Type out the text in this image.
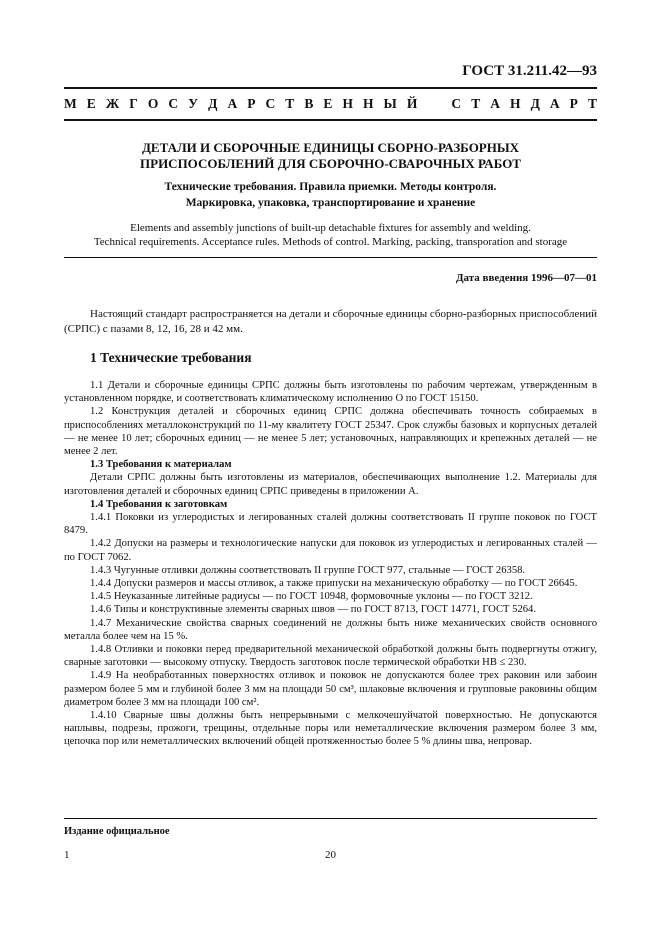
ГОСТ 31.211.42—93
М Е Ж Г О С У Д А Р С Т В Е Н Н Ы Й	С Т А Н Д А Р Т
ДЕТАЛИ И СБОРОЧНЫЕ ЕДИНИЦЫ СБОРНО-РАЗБОРНЫХ
ПРИСПОСОБЛЕНИЙ ДЛЯ СБОРОЧНО-СВАРОЧНЫХ РАБОТ
Технические требования. Правила приемки. Методы контроля.
Маркировка, упаковка, транспортирование и хранение
Elements and assembly junctions of built-up detachable fixtures for assembly and welding.
Technical requirements. Acceptance rules. Methods of control. Marking, packing, transporation and storage
Дата введения 1996—07—01

Настоящий стандарт распространяется на детали и сборочные единицы сборно-разборных приспособлений (СРПС) с пазами 8, 12, 16, 28 и 42 мм.

1 Технические требования

1.1 Детали и сборочные единицы СРПС должны быть изготовлены по рабочим чертежам, утвержденным в установленном порядке, и соответствовать климатическому исполнению О по ГОСТ 15150.

1.2 Конструкция деталей и сборочных единиц СРПС должна обеспечивать точность собираемых в приспособлениях металлоконструкций по 11-му квалитету ГОСТ 25347. Срок службы базовых и корпусных деталей — не менее 10 лет; сборочных единиц — не менее 5 лет; установочных, направляющих и крепежных деталей — не менее 2 лет.

1.3 Требования к материалам

Детали СРПС должны быть изготовлены из материалов, обеспечивающих выполнение 1.2. Материалы для изготовления деталей и сборочных единиц СРПС приведены в приложении А.

1.4 Требования к заготовкам

1.4.1 Поковки из углеродистых и легированных сталей должны соответствовать II группе поковок по ГОСТ 8479.

1.4.2 Допуски на размеры и технологические напуски для поковок из углеродистых и легированных сталей — по ГОСТ 7062.

1.4.3 Чугунные отливки должны соответствовать II группе ГОСТ 977, стальные — ГОСТ 26358.

1.4.4 Допуски размеров и массы отливок, а также припуски на механическую обработку — по ГОСТ 26645.

1.4.5 Неуказанные литейные радиусы — по ГОСТ 10948, формовочные уклоны — по ГОСТ 3212.

1.4.6 Типы и конструктивные элементы сварных швов — по ГОСТ 8713, ГОСТ 14771, ГОСТ 5264.

1.4.7 Механические свойства сварных соединений не должны быть ниже механических свойств основного металла более чем на 15 %.

1.4.8 Отливки и поковки перед предварительной механической обработкой должны быть подвергнуты отжигу, сварные заготовки — высокому отпуску. Твердость заготовок после термической обработки НВ ≤ 230.

1.4.9 На необработанных поверхностях отливок и поковок не допускаются более трех раковин или забоин размером более 5 мм и глубиной более 3 мм на площади 50 см³, шлаковые включения и групповые раковины общим диаметром более 3 мм на площади 100 см².

1.4.10 Сварные швы должны быть непрерывными с мелкочешуйчатой поверхностью. Не допускаются наплывы, подрезы, прожоги, трещины, отдельные поры или неметаллические включения размером более 3 мм, цепочка пор или неметаллических включений общей протяженностью более 5 % длины шва, непровар.

Издание официальное
1	20
